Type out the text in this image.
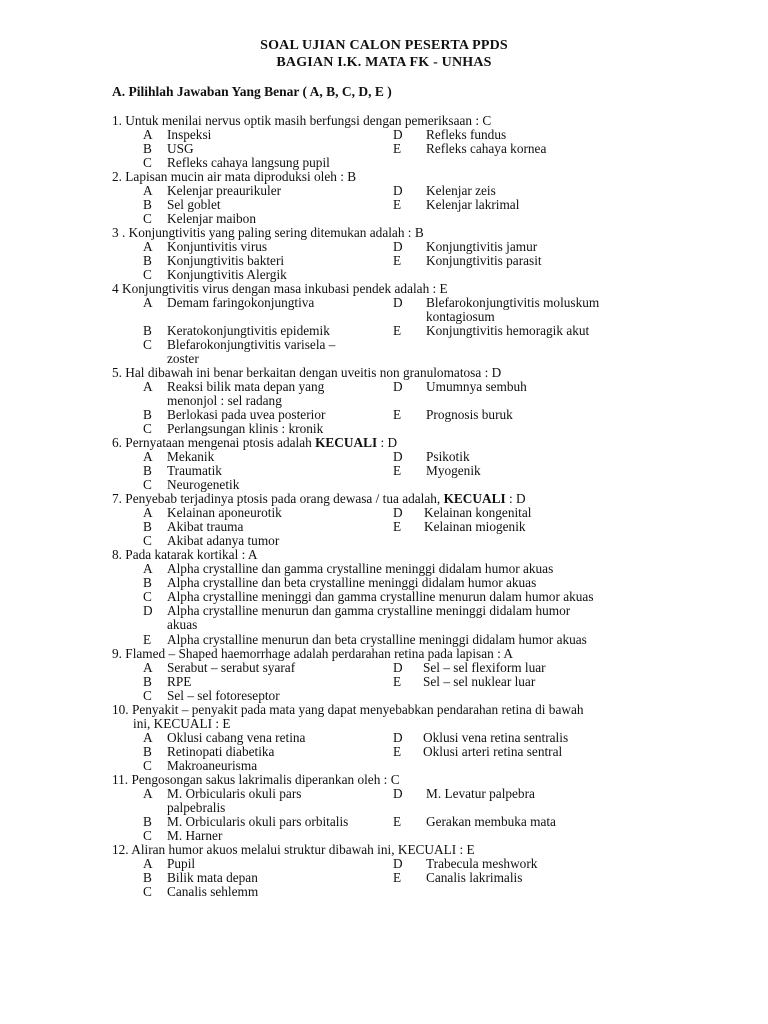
SOAL UJIAN CALON PESERTA PPDS
BAGIAN I.K. MATA FK - UNHAS
A. Pilihlah Jawaban Yang Benar ( A, B, C, D, E )
1. Untuk menilai nervus optik masih berfungsi dengan pemeriksaan : C
A	Inspeksi	D	Refleks fundus
B	USG	E	Refleks cahaya kornea
C	Refleks cahaya langsung pupil
2. Lapisan mucin air mata diproduksi oleh : B
A	Kelenjar preaurikuler	D	Kelenjar zeis
B	Sel goblet	E	Kelenjar lakrimal
C	Kelenjar maibon
3 . Konjungtivitis yang paling sering ditemukan adalah : B
A	Konjuntivitis virus	D	Konjungtivitis jamur
B	Konjungtivitis bakteri	E	Konjungtivitis parasit
C	Konjungtivitis Alergik
4 Konjungtivitis virus dengan masa inkubasi pendek adalah : E
A	Demam faringokonjungtiva	D	Blefarokonjungtivitis moluskum
kontagiosum
B	Keratokonjungtivitis epidemik	E	Konjungtivitis hemoragik akut
C	Blefarokonjungtivitis varisela –
zoster
5. Hal dibawah ini benar berkaitan dengan uveitis non granulomatosa : D
A	Reaksi bilik mata depan yang	D	Umumnya sembuh
menonjol : sel radang
B	Berlokasi pada uvea posterior	E	Prognosis buruk
C	Perlangsungan klinis : kronik
6. Pernyataan mengenai ptosis adalah KECUALI : D
A	Mekanik	D	Psikotik
B	Traumatik	E	Myogenik
C	Neurogenetik
7. Penyebab terjadinya ptosis pada orang dewasa / tua adalah, KECUALI : D
A	Kelainan aponeurotik	D	Kelainan kongenital
B	Akibat trauma	E	Kelainan miogenik
C	Akibat adanya tumor
8. Pada katarak kortikal : A
A	Alpha crystalline dan gamma crystalline meninggi didalam humor akuas
B	Alpha crystalline dan beta crystalline meninggi didalam humor akuas
C	Alpha crystalline meninggi dan gamma crystalline menurun dalam humor akuas
D	Alpha crystalline menurun dan gamma crystalline meninggi didalam humor
akuas
E	Alpha crystalline menurun dan beta crystalline meninggi didalam humor akuas
9. Flamed – Shaped haemorrhage adalah perdarahan retina pada lapisan : A
A	Serabut – serabut syaraf	D	Sel – sel flexiform luar
B	RPE	E	Sel – sel nuklear luar
C	Sel – sel fotoreseptor
10. Penyakit – penyakit pada mata yang dapat menyebabkan pendarahan retina di bawah
ini, KECUALI : E
A	Oklusi cabang vena retina	D	Oklusi vena retina sentralis
B	Retinopati diabetika	E	Oklusi arteri retina sentral
C	Makroaneurisma
11. Pengosongan sakus lakrimalis diperankan oleh : C
A	M. Orbicularis okuli pars	D	M. Levatur palpebra
palpebralis
B	M. Orbicularis okuli pars orbitalis	E	Gerakan membuka mata
C	M. Harner
12. Aliran humor akuos melalui struktur dibawah ini, KECUALI : E
A	Pupil	D	Trabecula meshwork
B	Bilik mata depan	E	Canalis lakrimalis
C	Canalis sehlemm
